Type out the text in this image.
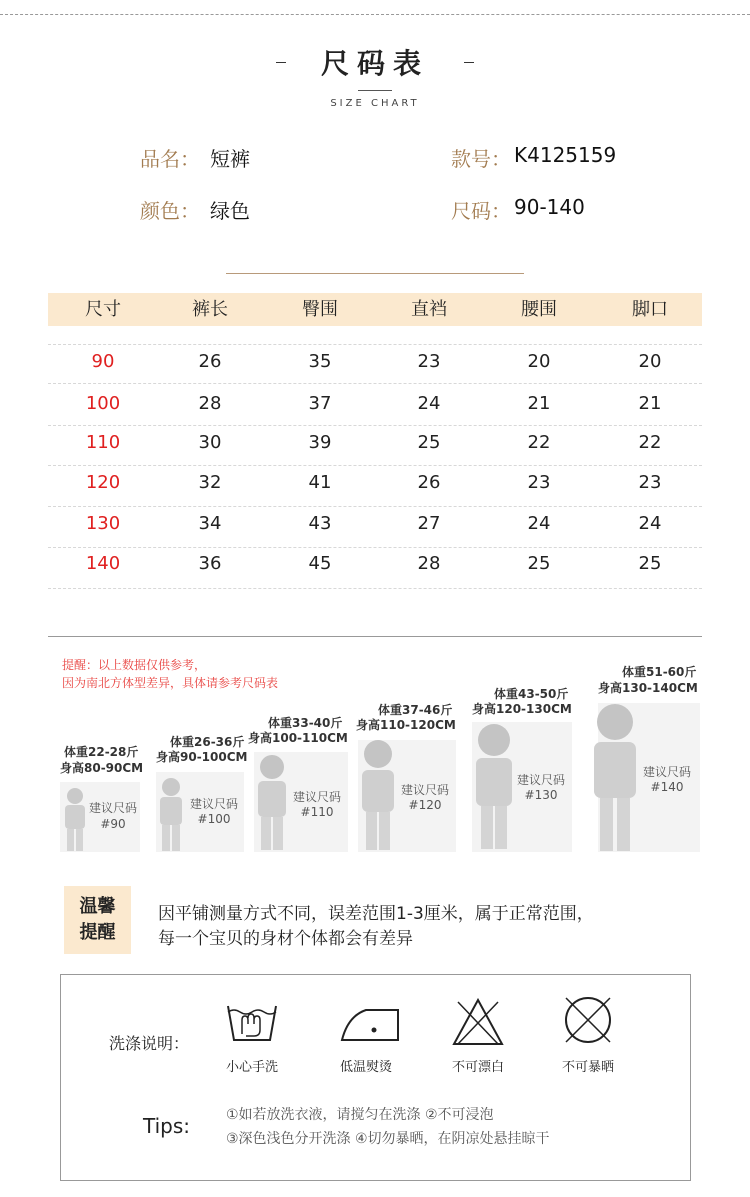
尺码表
SIZE CHART
品名： 短裤	款号： K4125159
颜色： 绿色	尺码： 90-140
尺寸	裤长	臀围	直裆	腰围	脚口
90	26	35	23	20	20
100	28	37	24	21	21
110	30	39	25	22	22
120	32	41	26	23	23
130	34	43	27	24	24
140	36	45	28	25	25
提醒：以上数据仅供参考，
因为南北方体型差异，具体请参考尺码表
体重22-28斤
身高80-90CM
建议尺码
#90
体重26-36斤
身高90-100CM
建议尺码
#100
体重33-40斤
身高100-110CM
建议尺码
#110
体重37-46斤
身高110-120CM
建议尺码
#120
体重43-50斤
身高120-130CM
建议尺码
#130
体重51-60斤
身高130-140CM
建议尺码
#140
温馨
提醒
因平铺测量方式不同，误差范围1-3厘米，属于正常范围，
每一个宝贝的身材个体都会有差异
洗涤说明：
小心手洗	低温熨烫	不可漂白	不可暴晒
Tips:	①如若放洗衣液，请搅匀在洗涤 ②不可浸泡
③深色浅色分开洗涤 ④切勿暴晒，在阴凉处悬挂晾干
